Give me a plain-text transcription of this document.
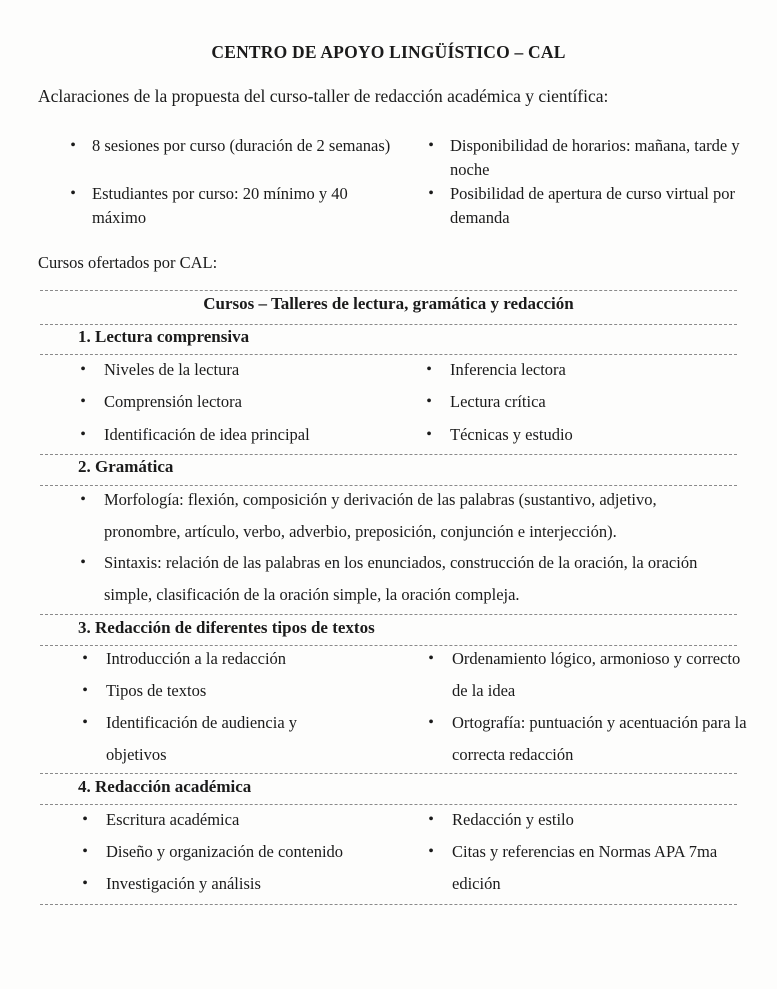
CENTRO DE APOYO LINGÜÍSTICO – CAL
Aclaraciones de la propuesta del curso-taller de redacción académica y científica:
• 8 sesiones por curso (duración de 2 semanas)
• Estudiantes por curso: 20 mínimo y 40 máximo
• Disponibilidad de horarios: mañana, tarde y noche
• Posibilidad de apertura de curso virtual por demanda
Cursos ofertados por CAL:
Cursos – Talleres de lectura, gramática y redacción
1. Lectura comprensiva
• Niveles de la lectura
• Comprensión lectora
• Identificación de idea principal
• Inferencia lectora
• Lectura crítica
• Técnicas y estudio
2. Gramática
• Morfología: flexión, composición y derivación de las palabras (sustantivo, adjetivo, pronombre, artículo, verbo, adverbio, preposición, conjunción e interjección).
• Sintaxis: relación de las palabras en los enunciados, construcción de la oración, la oración simple, clasificación de la oración simple, la oración compleja.
3. Redacción de diferentes tipos de textos
• Introducción a la redacción
• Tipos de textos
• Identificación de audiencia y objetivos
• Ordenamiento lógico, armonioso y correcto de la idea
• Ortografía: puntuación y acentuación para la correcta redacción
4. Redacción académica
• Escritura académica
• Diseño y organización de contenido
• Investigación y análisis
• Redacción y estilo
• Citas y referencias en Normas APA 7ma edición
